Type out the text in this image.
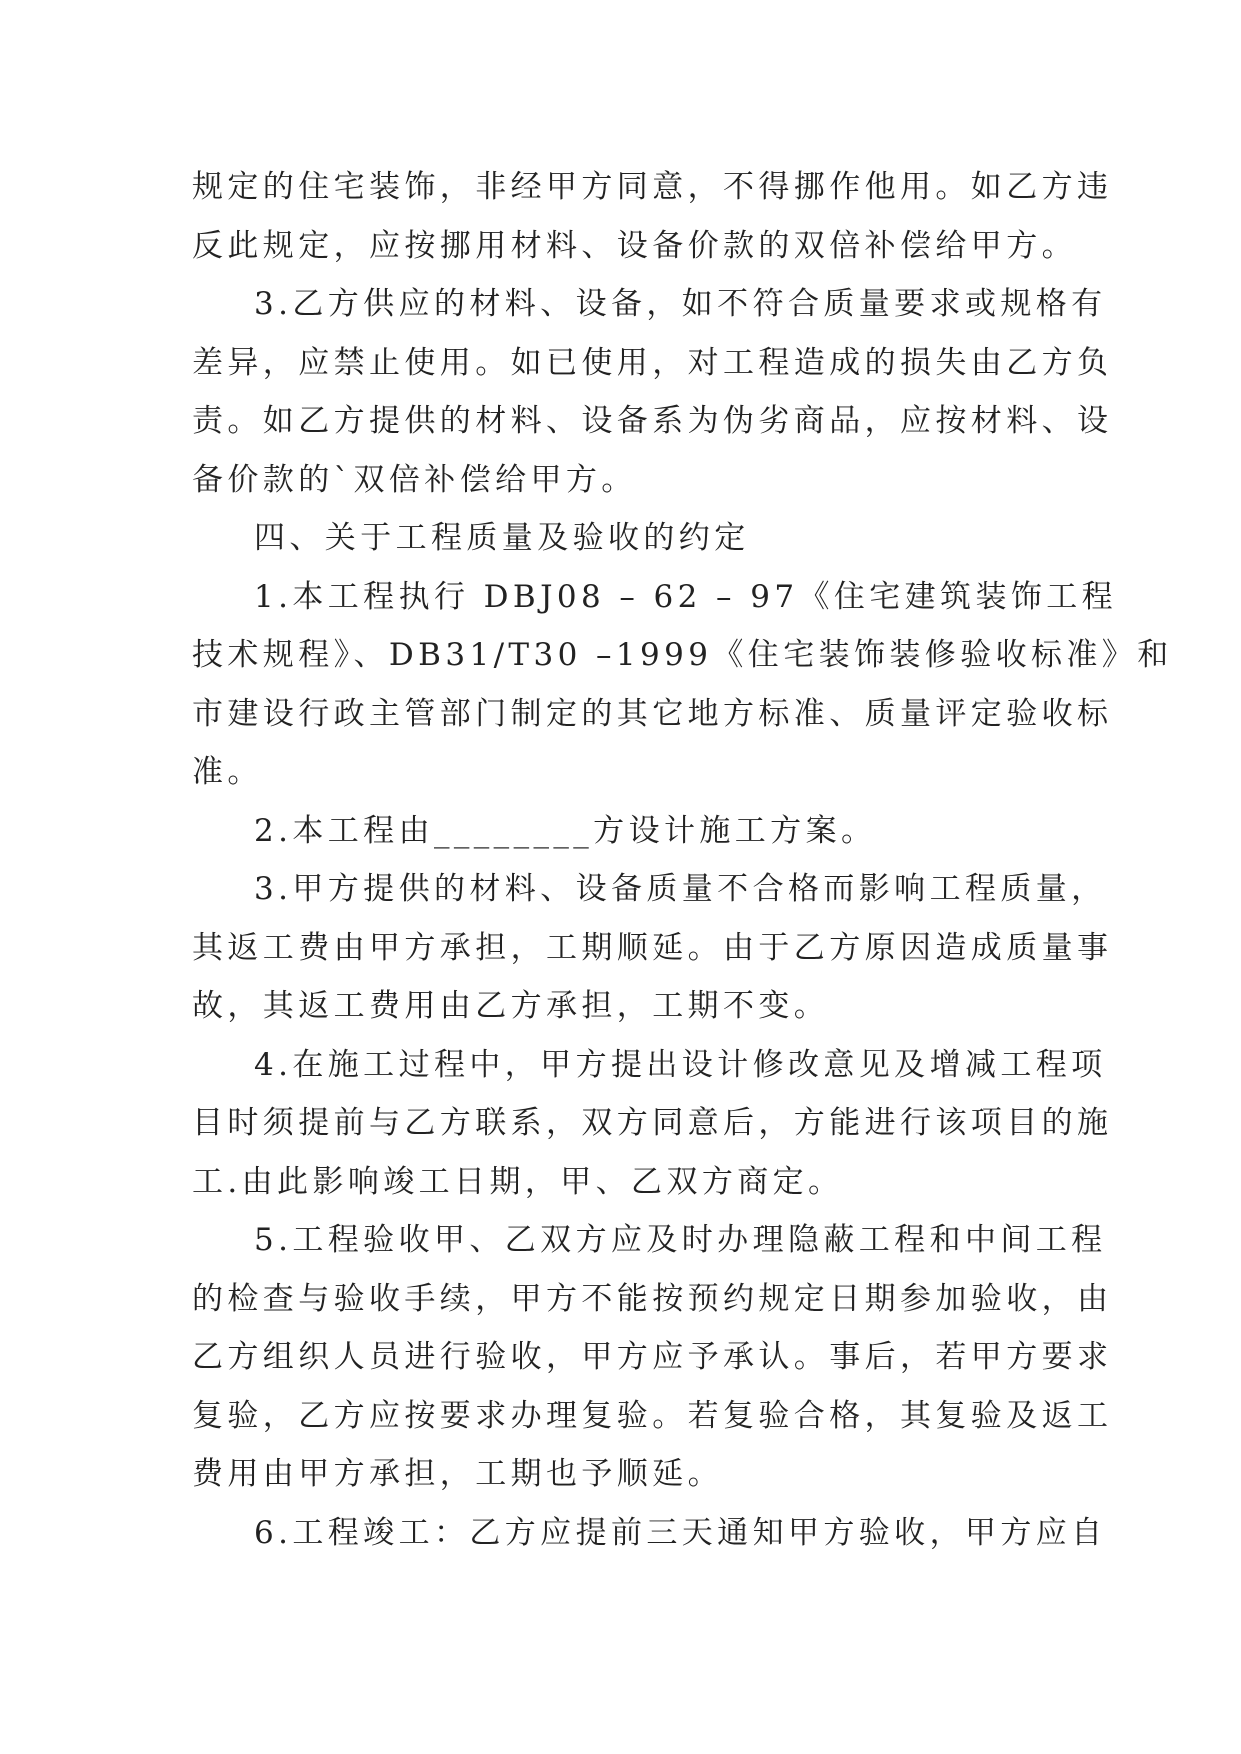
规定的住宅装饰，非经甲方同意，不得挪作他用。如乙方违
反此规定，应按挪用材料、设备价款的双倍补偿给甲方。
3.乙方供应的材料、设备，如不符合质量要求或规格有
差异，应禁止使用。如已使用，对工程造成的损失由乙方负
责。如乙方提供的材料、设备系为伪劣商品，应按材料、设
备价款的`双倍补偿给甲方。
四、关于工程质量及验收的约定
1.本工程执行 DBJ08 – 62 – 97《住宅建筑装饰工程
技术规程》、DB31/T30 –1999《住宅装饰装修验收标准》和
市建设行政主管部门制定的其它地方标准、质量评定验收标
准。
2.本工程由________方设计施工方案。
3.甲方提供的材料、设备质量不合格而影响工程质量，
其返工费由甲方承担，工期顺延。由于乙方原因造成质量事
故，其返工费用由乙方承担，工期不变。
4.在施工过程中，甲方提出设计修改意见及增减工程项
目时须提前与乙方联系，双方同意后，方能进行该项目的施
工.由此影响竣工日期，甲、乙双方商定。
5.工程验收甲、乙双方应及时办理隐蔽工程和中间工程
的检查与验收手续，甲方不能按预约规定日期参加验收，由
乙方组织人员进行验收，甲方应予承认。事后，若甲方要求
复验，乙方应按要求办理复验。若复验合格，其复验及返工
费用由甲方承担，工期也予顺延。
6.工程竣工：乙方应提前三天通知甲方验收，甲方应自
